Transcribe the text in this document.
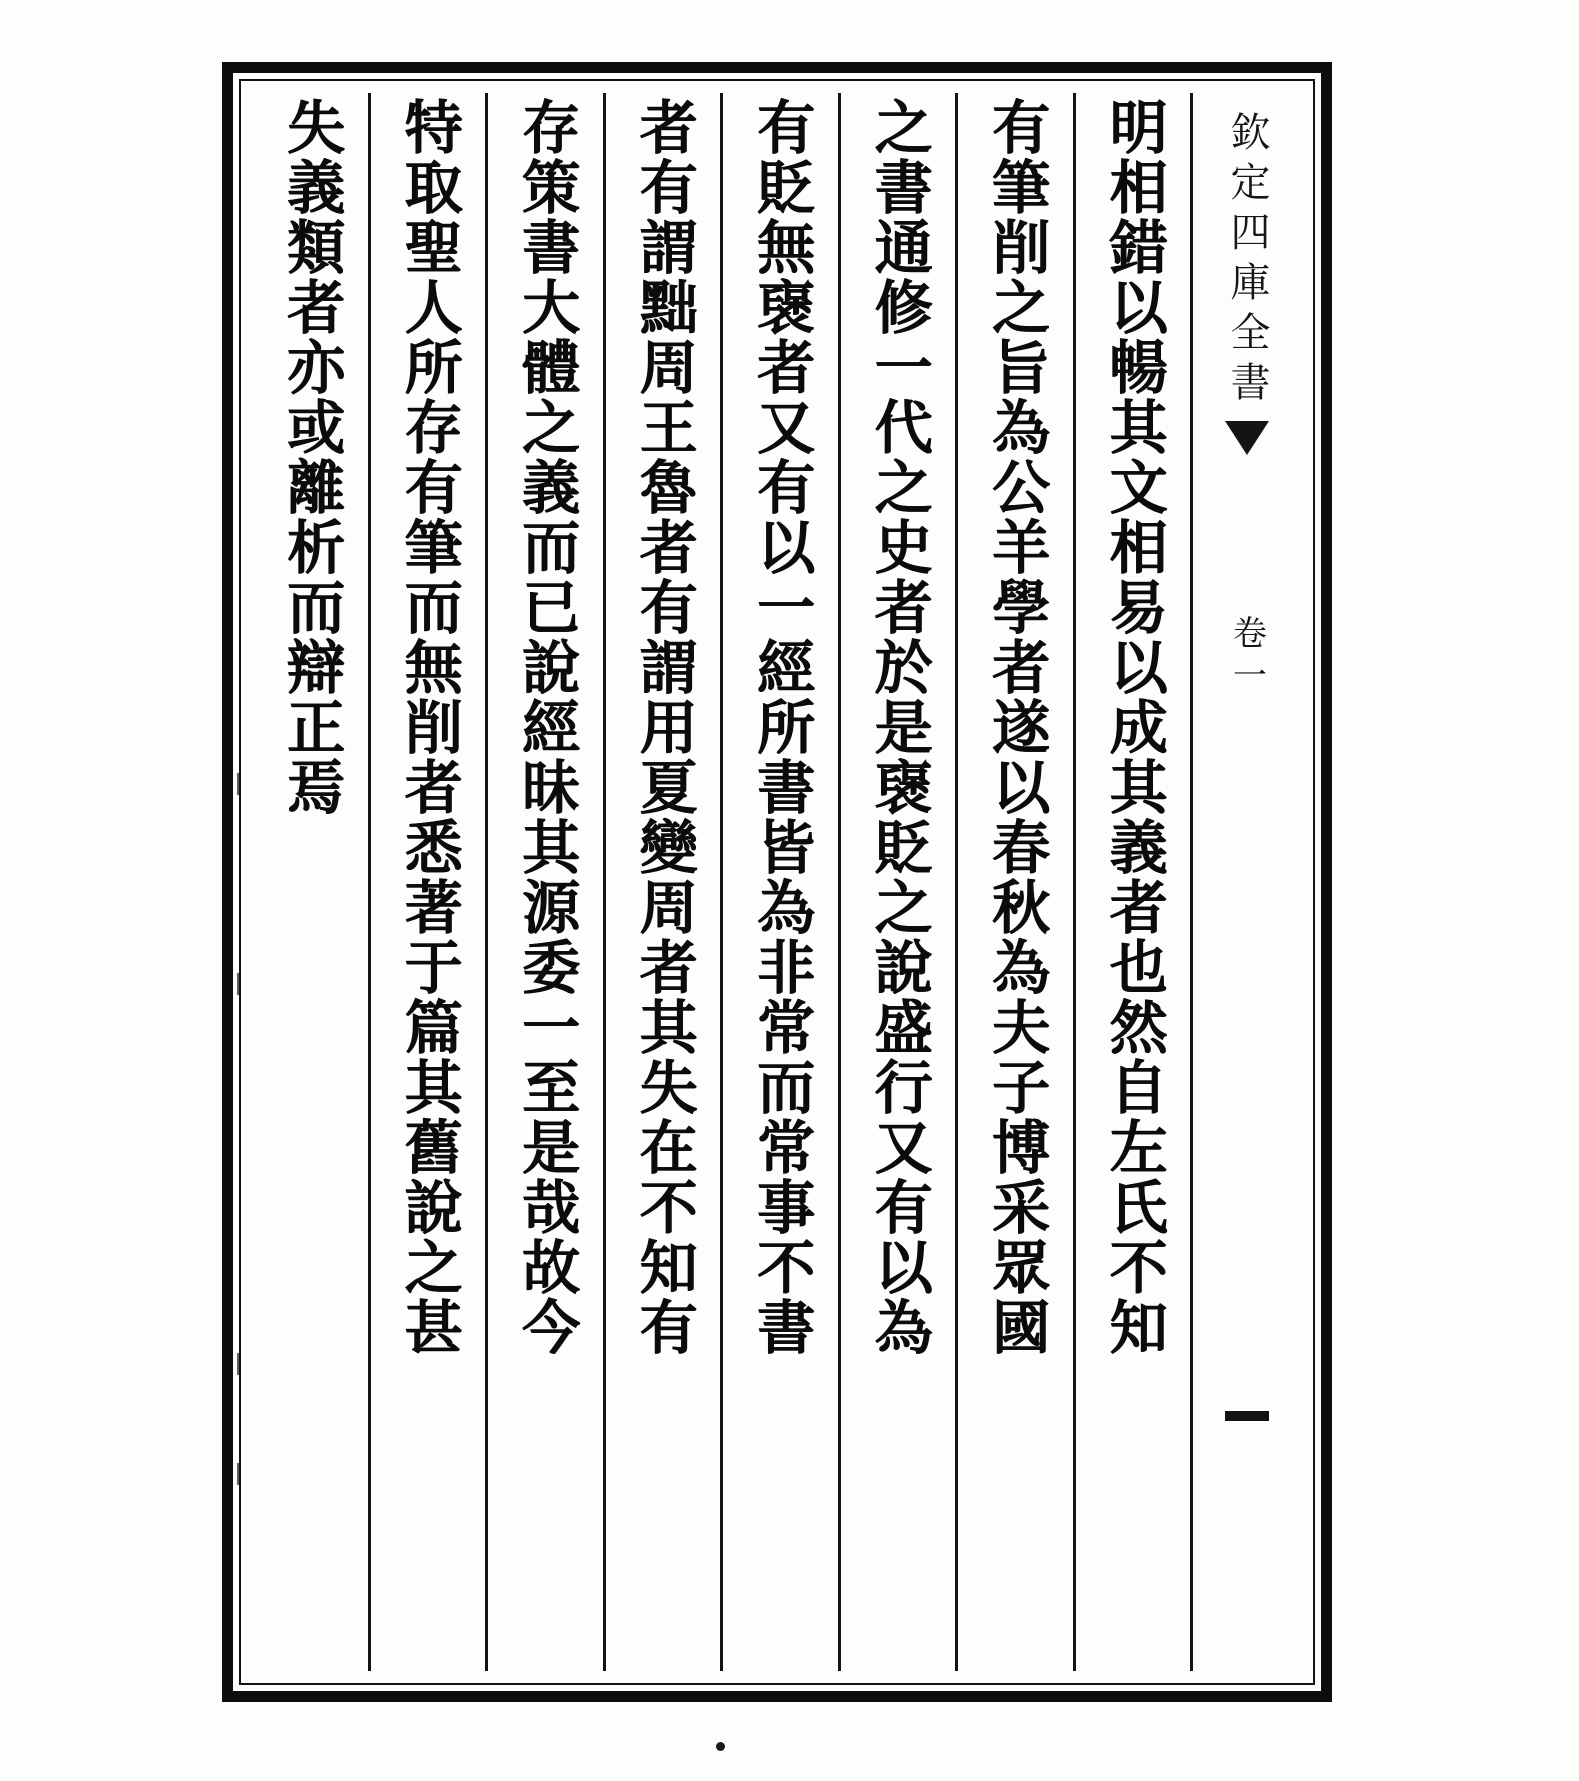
欽定四庫全書
卷一
明相錯以暢其文相易以成其義者也然自左氏不知
有筆削之旨為公羊學者遂以春秋為夫子博采眾國
之書通修一代之史者於是襃貶之說盛行又有以為
有貶無襃者又有以一經所書皆為非常而常事不書
者有謂黜周王魯者有謂用夏變周者其失在不知有
存策書大體之義而已說經昧其源委一至是哉故今
特取聖人所存有筆而無削者悉著于篇其舊說之甚
失義類者亦或離析而辯正焉
